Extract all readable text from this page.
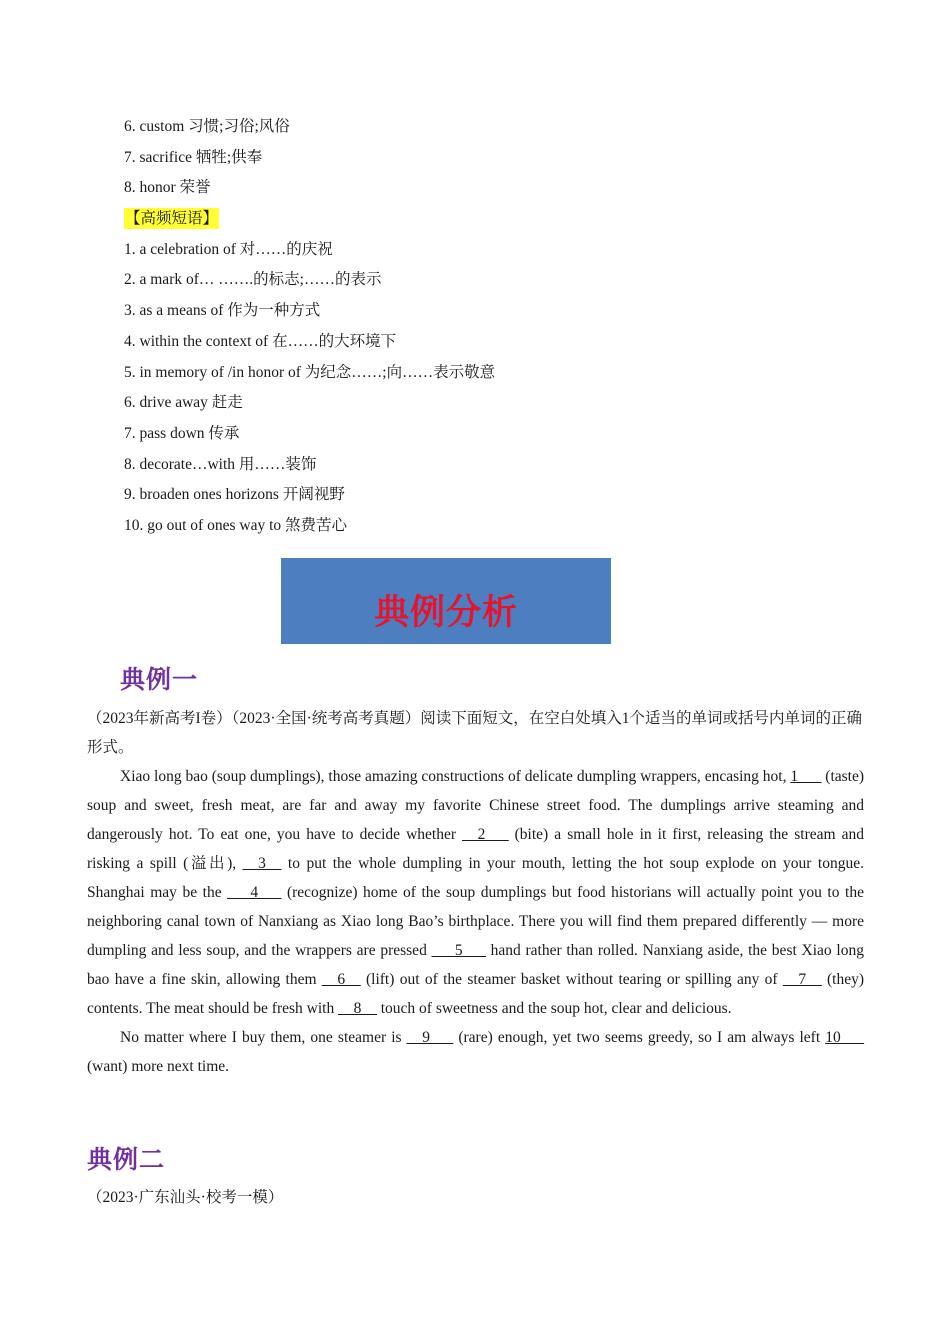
6. custom 习惯;习俗;风俗
7. sacrifice 牺牲;供奉
8. honor 荣誉
【高频短语】
1. a celebration of 对……的庆祝
2. a mark of… …….的标志;……的表示
3. as a means of 作为一种方式
4. within the context of 在……的大环境下
5. in memory of /in honor of 为纪念……;向……表示敬意
6. drive away 赶走
7. pass down 传承
8. decorate…with 用……装饰
9. broaden ones horizons 开阔视野
10. go out of ones way to 煞费苦心
典例分析
典例一
（2023年新高考I卷）（2023·全国·统考高考真题）阅读下面短文，在空白处填入1个适当的单词或括号内单词的正确形式。

Xiao long bao (soup dumplings), those amazing constructions of delicate dumpling wrappers, encasing hot, 1___ (taste) soup and sweet, fresh meat, are far and away my favorite Chinese street food. The dumplings arrive steaming and dangerously hot. To eat one, you have to decide whether __2___ (bite) a small hole in it first, releasing the stream and risking a spill (溢出), __3__ to put the whole dumpling in your mouth, letting the hot soup explode on your tongue. Shanghai may be the ___4___ (recognize) home of the soup dumplings but food historians will actually point you to the neighboring canal town of Nanxiang as Xiao long Bao’s birthplace. There you will find them prepared differently — more dumpling and less soup, and the wrappers are pressed ___5___ hand rather than rolled. Nanxiang aside, the best Xiao long bao have a fine skin, allowing them __6__ (lift) out of the steamer basket without tearing or spilling any of __7__ (they) contents. The meat should be fresh with __8__ touch of sweetness and the soup hot, clear and delicious.

No matter where I buy them, one steamer is __9___ (rare) enough, yet two seems greedy, so I am always left 10___ (want) more next time.

典例二
（2023·广东汕头·校考一模）
